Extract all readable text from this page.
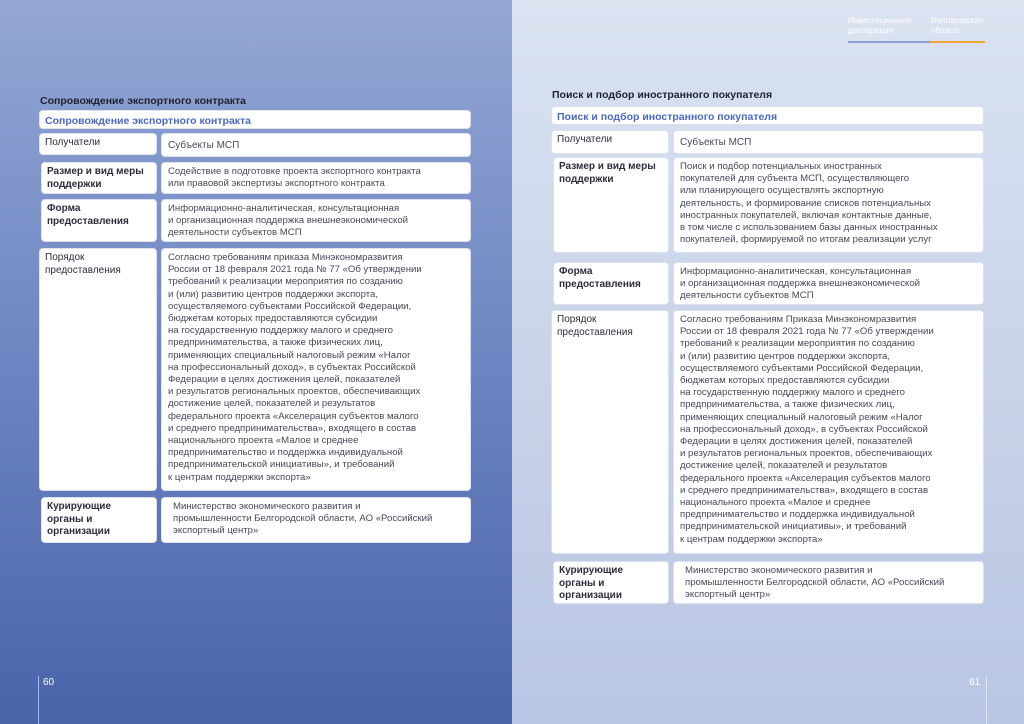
Сопровождение экспортного контракта
Сопровождение экспортного контракта
Получатели	Субъекты МСП
Размер и вид меры
поддержки
Содействие в подготовке проекта экспортного контракта
или правовой экспертизы экспортного контракта
Форма
предоставления
Информационно-аналитическая, консультационная
и организационная поддержка внешнеэкономической
деятельности субъектов МСП
Порядок
предоставления
Согласно требованиям приказа Минэкономразвития
России от 18 февраля 2021 года № 77 «Об утверждении
требований к реализации мероприятия по созданию
и (или) развитию центров поддержки экспорта,
осуществляемого субъектами Российской Федерации,
бюджетам которых предоставляются субсидии
на государственную поддержку малого и среднего
предпринимательства, а также физических лиц,
применяющих специальный налоговый режим «Налог
на профессиональный доход», в субъектах Российской
Федерации в целях достижения целей, показателей
и результатов региональных проектов, обеспечивающих
достижение целей, показателей и результатов
федерального проекта «Акселерация субъектов малого
и среднего предпринимательства», входящего в состав
национального проекта «Малое и среднее
предпринимательство и поддержка индивидуальной
предпринимательской инициативы», и требований
к центрам поддержки экспорта»
Курирующие
органы и
организации
Министерство экономического развития и
промышленности Белгородской области, АО «Российский
экспортный центр»
60
Инвестиционная
декларация
Белгородская
область
Поиск и подбор иностранного покупателя
Поиск и подбор иностранного покупателя
Получатели	Субъекты МСП
Размер и вид меры
поддержки
Поиск и подбор потенциальных иностранных
покупателей для субъекта МСП, осуществляющего
или планирующего осуществлять экспортную
деятельность, и формирование списков потенциальных
иностранных покупателей, включая контактные данные,
в том числе с использованием базы данных иностранных
покупателей, формируемой по итогам реализации услуг
Форма
предоставления
Информационно-аналитическая, консультационная
и организационная поддержка внешнеэкономической
деятельности субъектов МСП
Порядок
предоставления
Согласно требованиям Приказа Минэкономразвития
России от 18 февраля 2021 года № 77 «Об утверждении
требований к реализации мероприятия по созданию
и (или) развитию центров поддержки экспорта,
осуществляемого субъектами Российской Федерации,
бюджетам которых предоставляются субсидии
на государственную поддержку малого и среднего
предпринимательства, а также физических лиц,
применяющих специальный налоговый режим «Налог
на профессиональный доход», в субъектах Российской
Федерации в целях достижения целей, показателей
и результатов региональных проектов, обеспечивающих
достижение целей, показателей и результатов
федерального проекта «Акселерация субъектов малого
и среднего предпринимательства», входящего в состав
национального проекта «Малое и среднее
предпринимательство и поддержка индивидуальной
предпринимательской инициативы», и требований
к центрам поддержки экспорта»
Курирующие
органы и
организации
Министерство экономического развития и
промышленности Белгородской области, АО «Российский
экспортный центр»
61
